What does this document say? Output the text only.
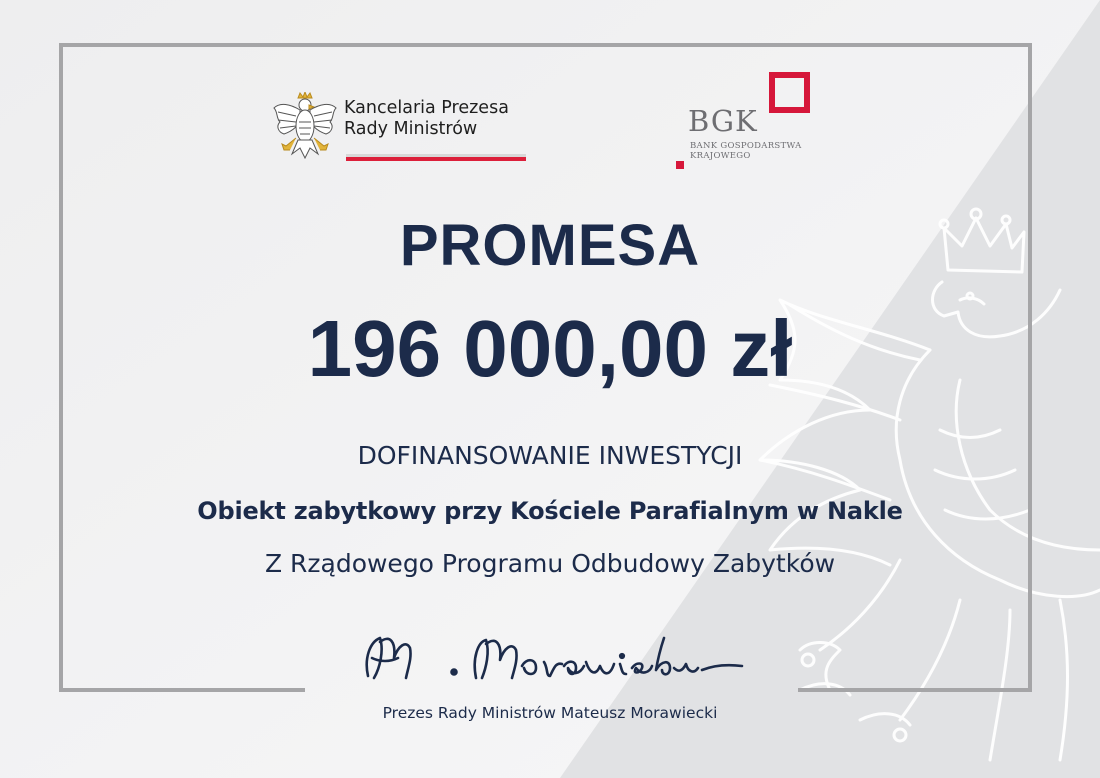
Kancelaria Prezesa
Rady Ministrów	BGK
BANK GOSPODARSTWA
KRAJOWEGO
PROMESA
196 000,00 zł
DOFINANSOWANIE INWESTYCJI
Obiekt zabytkowy przy Kościele Parafialnym w Nakle
Z Rządowego Programu Odbudowy Zabytków
Prezes Rady Ministrów Mateusz Morawiecki
